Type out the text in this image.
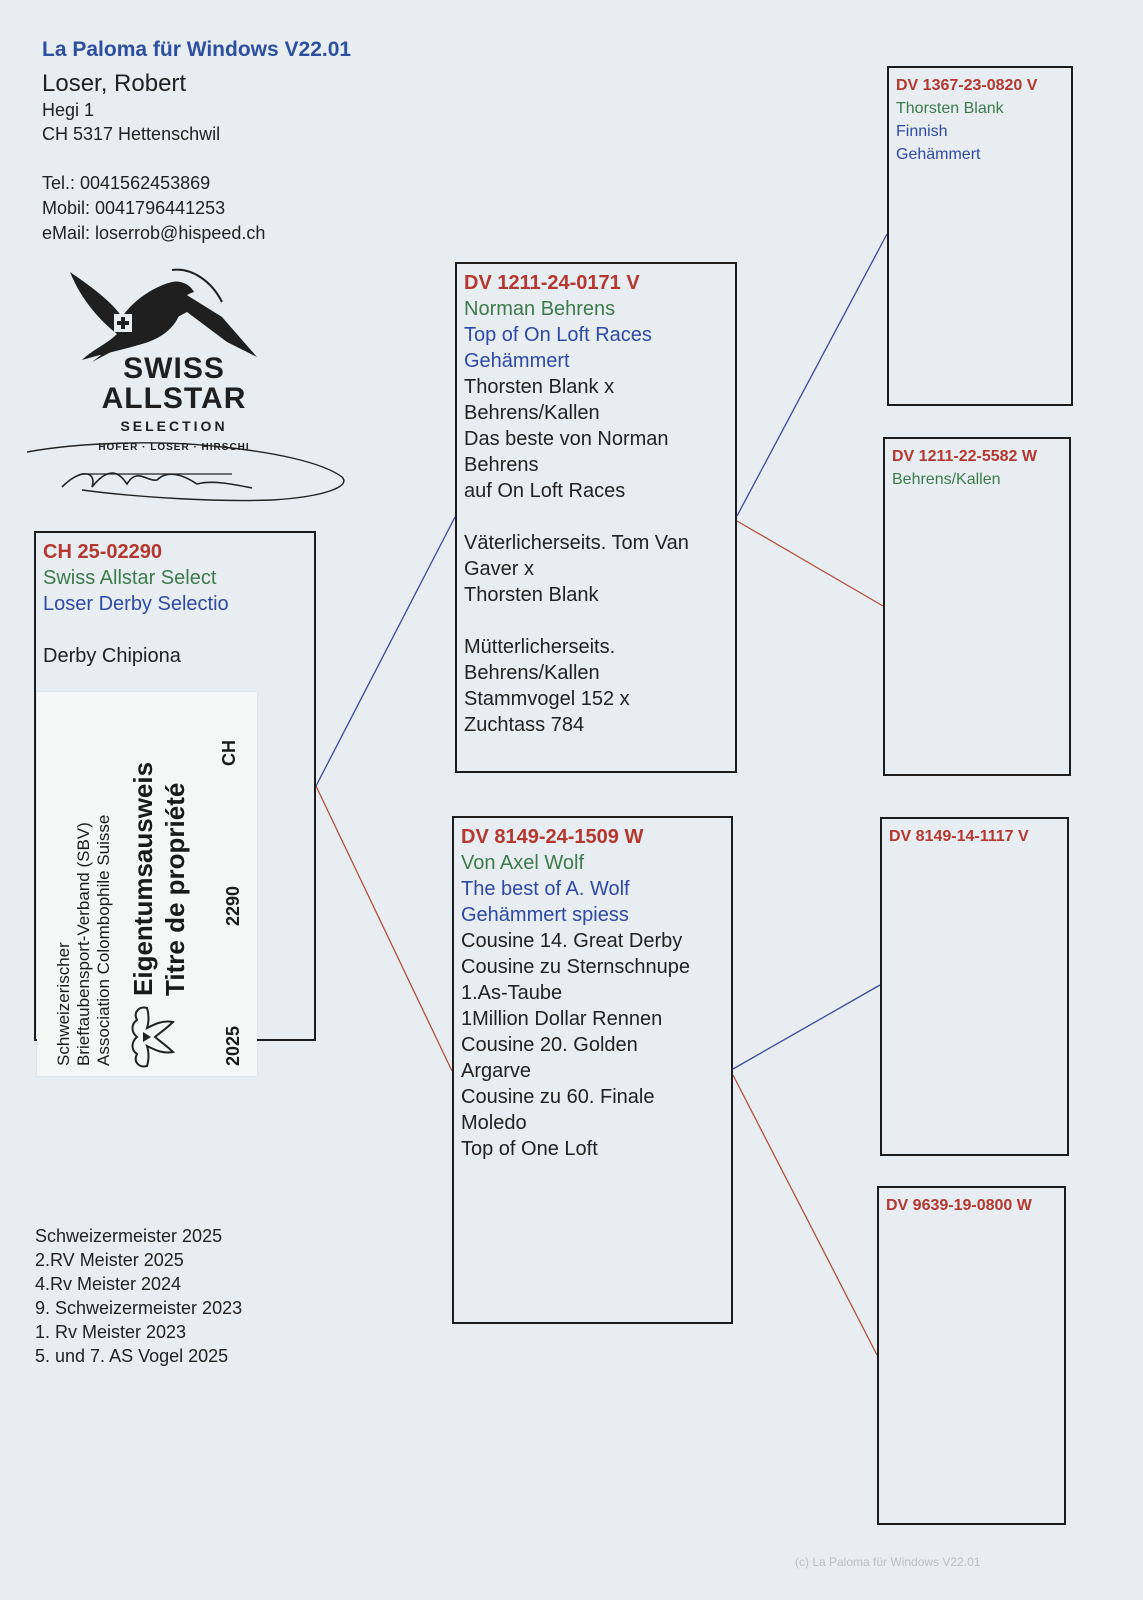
La Paloma für Windows V22.01
Loser, Robert
Hegi 1
CH 5317 Hettenschwil
Tel.: 0041562453869
Mobil: 0041796441253
eMail: loserrob@hispeed.ch
SWISS
ALLSTAR
SELECTION
HOFER · LOSER · HIRSCHI
CH 25-02290
Swiss Allstar Select
Loser Derby Selectio
Derby Chipiona
Schweizerischer Brieftaubensport-Verband (SBV) Association Colombophile Suisse Eigentumsausweis Titre de propriété
CH
2290
2025
DV 1211-24-0171 V
Norman Behrens
Top of On Loft Races
Gehämmert
Thorsten Blank x
Behrens/Kallen
Das beste von Norman
Behrens
auf On Loft Races
Väterlicherseits. Tom Van
Gaver x
Thorsten Blank
Mütterlicherseits.
Behrens/Kallen
Stammvogel 152 x
Zuchtass 784
DV 8149-24-1509 W
Von Axel Wolf
The best of A. Wolf
Gehämmert spiess
Cousine 14. Great Derby
Cousine zu Sternschnupe
1.As-Taube
1Million Dollar Rennen
Cousine 20. Golden
Argarve
Cousine zu 60. Finale
Moledo
Top of One Loft
DV 1367-23-0820 V
Thorsten Blank
Finnish
Gehämmert
DV 1211-22-5582 W
Behrens/Kallen
DV 8149-14-1117 V
DV 9639-19-0800 W
Schweizermeister 2025
2.RV Meister 2025
4.Rv Meister 2024
9. Schweizermeister 2023
1. Rv Meister 2023
5. und 7. AS Vogel 2025
(c) La Paloma für Windows V22.01
